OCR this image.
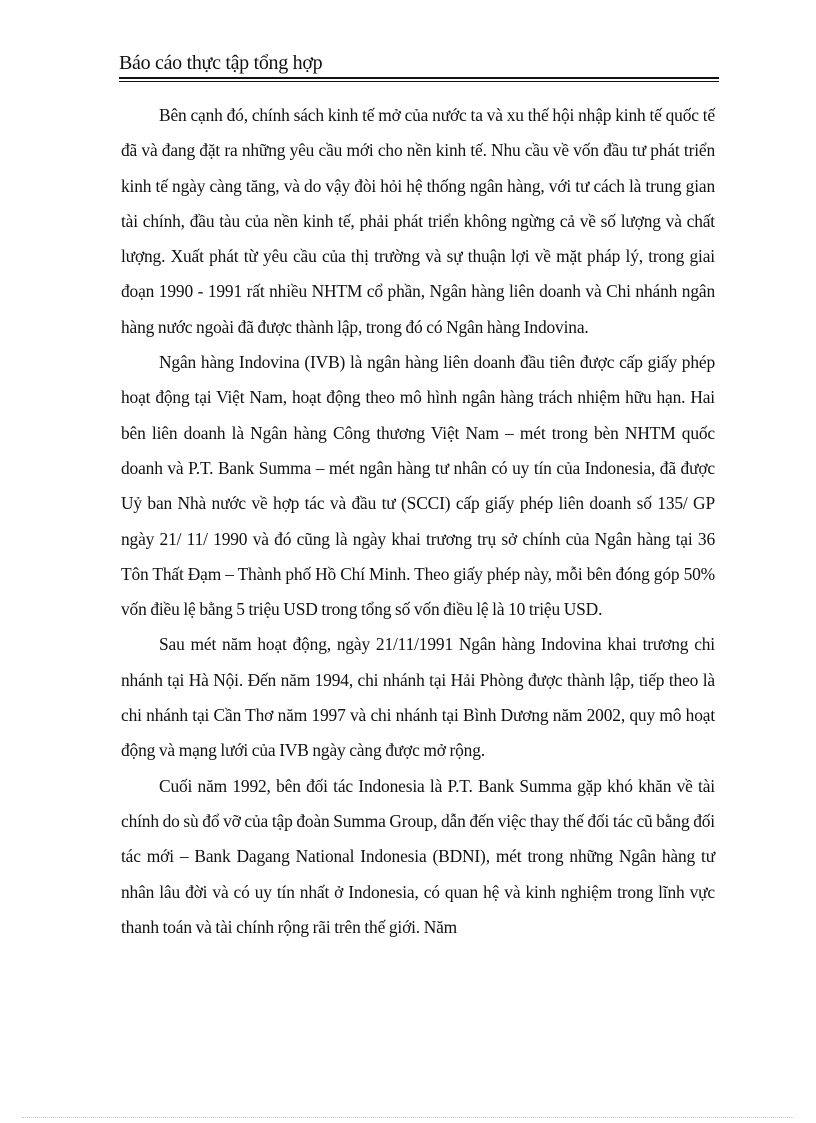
Báo cáo thực tập tổng hợp

Bên cạnh đó, chính sách kinh tế mở của nước ta và xu thế hội nhập kinh tế quốc tế đã và đang đặt ra những yêu cầu mới cho nền kinh tế. Nhu cầu về vốn đầu tư phát triển kinh tế ngày càng tăng, và do vậy đòi hỏi hệ thống ngân hàng, với tư cách là trung gian tài chính, đầu tàu của nền kinh tế, phải phát triển không ngừng cả về số lượng và chất lượng. Xuất phát từ yêu cầu của thị trường và sự thuận lợi về mặt pháp lý, trong giai đoạn 1990 - 1991 rất nhiều NHTM cổ phần, Ngân hàng liên doanh và Chi nhánh ngân hàng nước ngoài đã được thành lập, trong đó có Ngân hàng Indovina.

Ngân hàng Indovina (IVB) là ngân hàng liên doanh đầu tiên được cấp giấy phép hoạt động tại Việt Nam, hoạt động theo mô hình ngân hàng trách nhiệm hữu hạn. Hai bên liên doanh là Ngân hàng Công thương Việt Nam – mét trong bèn NHTM quốc doanh và P.T. Bank Summa – mét ngân hàng tư nhân có uy tín của Indonesia, đã được Uỷ ban Nhà nước về hợp tác và đầu tư (SCCI) cấp giấy phép liên doanh số 135/ GP ngày 21/ 11/ 1990 và đó cũng là ngày khai trương trụ sở chính của Ngân hàng tại 36 Tôn Thất Đạm – Thành phố Hồ Chí Minh. Theo giấy phép này, mỗi bên đóng góp 50% vốn điều lệ bằng 5 triệu USD trong tổng số vốn điều lệ là 10 triệu USD.

Sau mét năm hoạt động, ngày 21/11/1991 Ngân hàng Indovina khai trương chi nhánh tại Hà Nội. Đến năm 1994, chi nhánh tại Hải Phòng được thành lập, tiếp theo là chi nhánh tại Cần Thơ năm 1997 và chi nhánh tại Bình Dương năm 2002, quy mô hoạt động và mạng lưới của IVB ngày càng được mở rộng.

Cuối năm 1992, bên đối tác Indonesia là P.T. Bank Summa gặp khó khăn về tài chính do sù đổ vỡ của tập đoàn Summa Group, dẫn đến việc thay thế đối tác cũ bằng đối tác mới – Bank Dagang National Indonesia (BDNI), mét trong những Ngân hàng tư nhân lâu đời và có uy tín nhất ở Indonesia, có quan hệ và kinh nghiệm trong lĩnh vực thanh toán và tài chính rộng rãi trên thế giới. Năm
